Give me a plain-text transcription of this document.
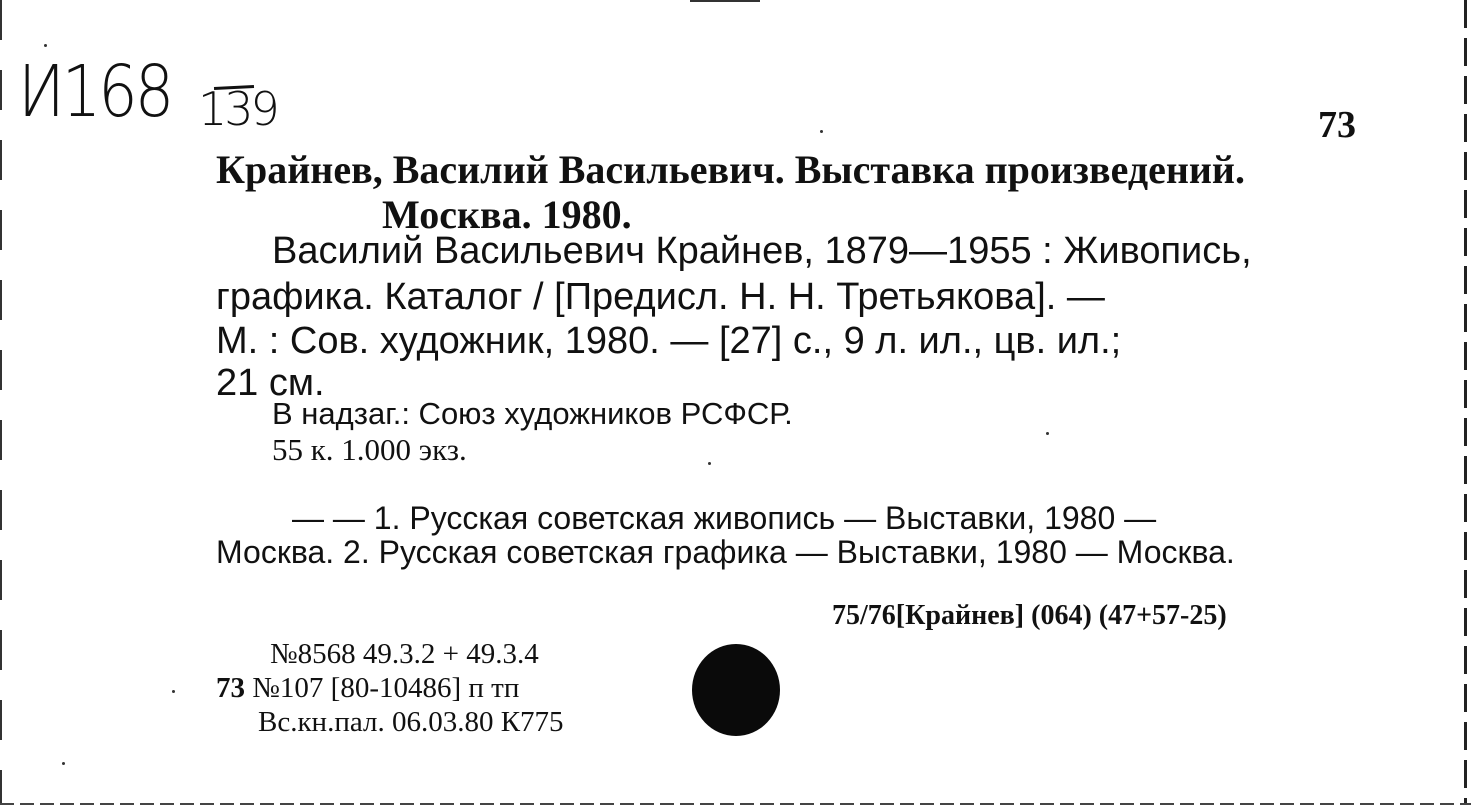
И168 139	73
Крайнев, Василий Васильевич. Выставка произведений.
Москва. 1980.
Василий Васильевич Крайнев, 1879—1955 : Живопись,
графика. Каталог / [Предисл. Н. Н. Третьякова]. —
М. : Сов. художник, 1980. — [27] с., 9 л. ил., цв. ил.;
21 см.
В надзаг.: Союз художников РСФСР.
55 к. 1.000 экз.
— — 1. Русская советская живопись — Выставки, 1980 —
Москва. 2. Русская советская графика — Выставки, 1980 — Москва.
75/76[Крайнев] (064) (47+57-25)
№8568 49.3.2 + 49.3.4
73 №107 [80-10486] п тп
Вс.кн.пал. 06.03.80 К775
